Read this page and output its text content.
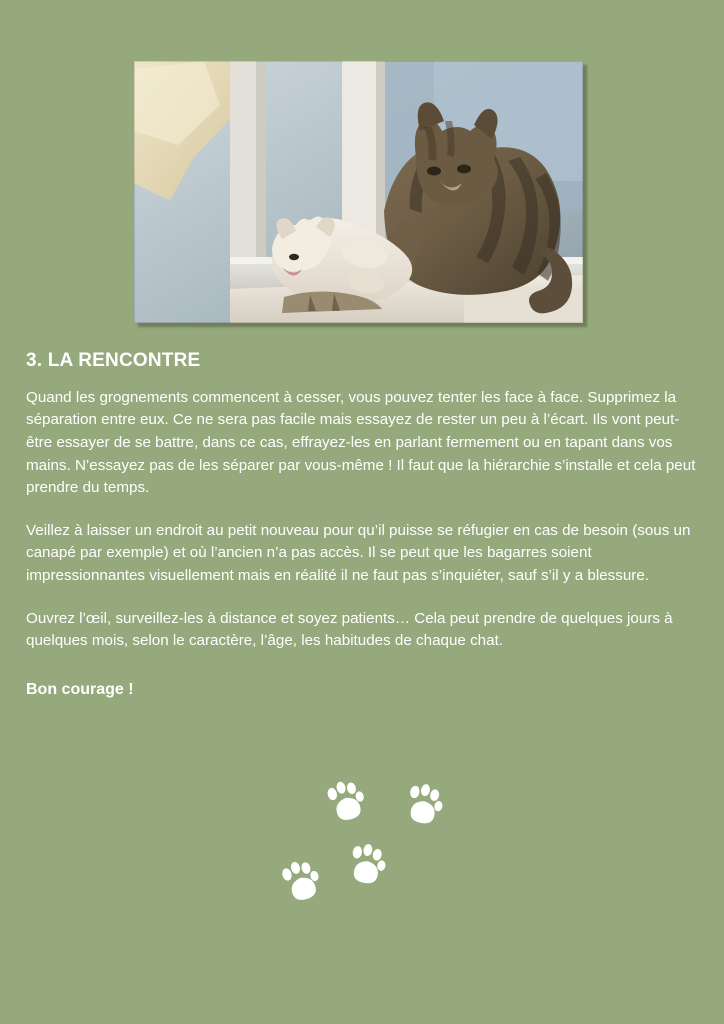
3. LA RENCONTRE

Quand les grognements commencent à cesser, vous pouvez tenter les face à face. Supprimez la séparation entre eux. Ce ne sera pas facile mais essayez de rester un peu à l’écart. Ils vont peut-être essayer de se battre, dans ce cas, effrayez-les en parlant fermement ou en tapant dans vos mains. N’essayez pas de les séparer par vous-même ! Il faut que la hiérarchie s’installe et cela peut prendre du temps.

Veillez à laisser un endroit au petit nouveau pour qu’il puisse se réfugier en cas de besoin (sous un canapé par exemple) et où l’ancien n’a pas accès. Il se peut que les bagarres soient impressionnantes visuellement mais en réalité il ne faut pas s’inquiéter, sauf s’il y a blessure.

Ouvrez l’œil, surveillez-les à distance et soyez patients… Cela peut prendre de quelques jours à quelques mois, selon le caractère, l’âge, les habitudes de chaque chat.

Bon courage !
